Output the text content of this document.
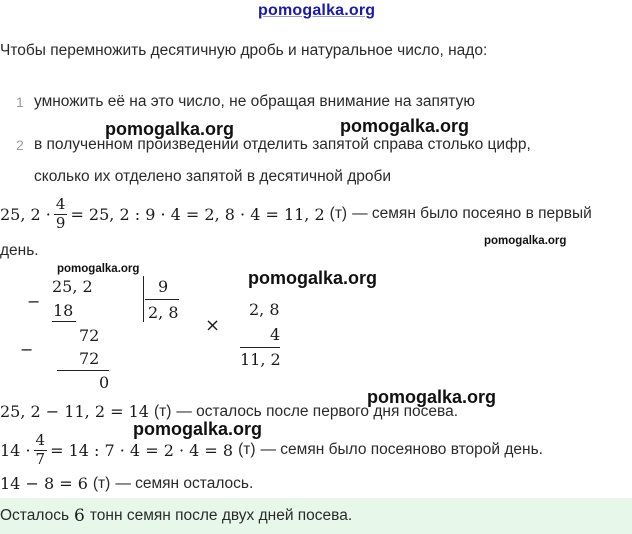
pomogalka.org
Чтобы перемножить десятичную дробь и натуральное число, надо:
1 умножить её на это число, не обращая внимание на запятую
2 в полученном произведении отделить запятой справа столько цифр,
сколько их отделено запятой в десятичной дроби
pomogalka.org	pomogalka.org
25, $2 \cdot \frac{4}{9} = 25$, 2 : 9 · 4 = 2, 8 · 4 = 11, 2 (т) — семян было посеяно в первый
день.
pomogalka.org
pomogalka.org	pomogalka.org
−
25, 2
18
9
2, 8
−
72
72
0
×
2, 8
4
11, 2
pomogalka.org
25, 2 − 11, 2 = 14 (т) — осталось после первого дня посева.
pomogalka.org
$14 \cdot \frac{4}{7} = 14$ : 7 · 4 = 2 · 4 = 8 (т) — семян было посеяново второй день.
14 − 8 = 6 (т) — семян осталось.
Осталось 6 тонн семян после двух дней посева.
